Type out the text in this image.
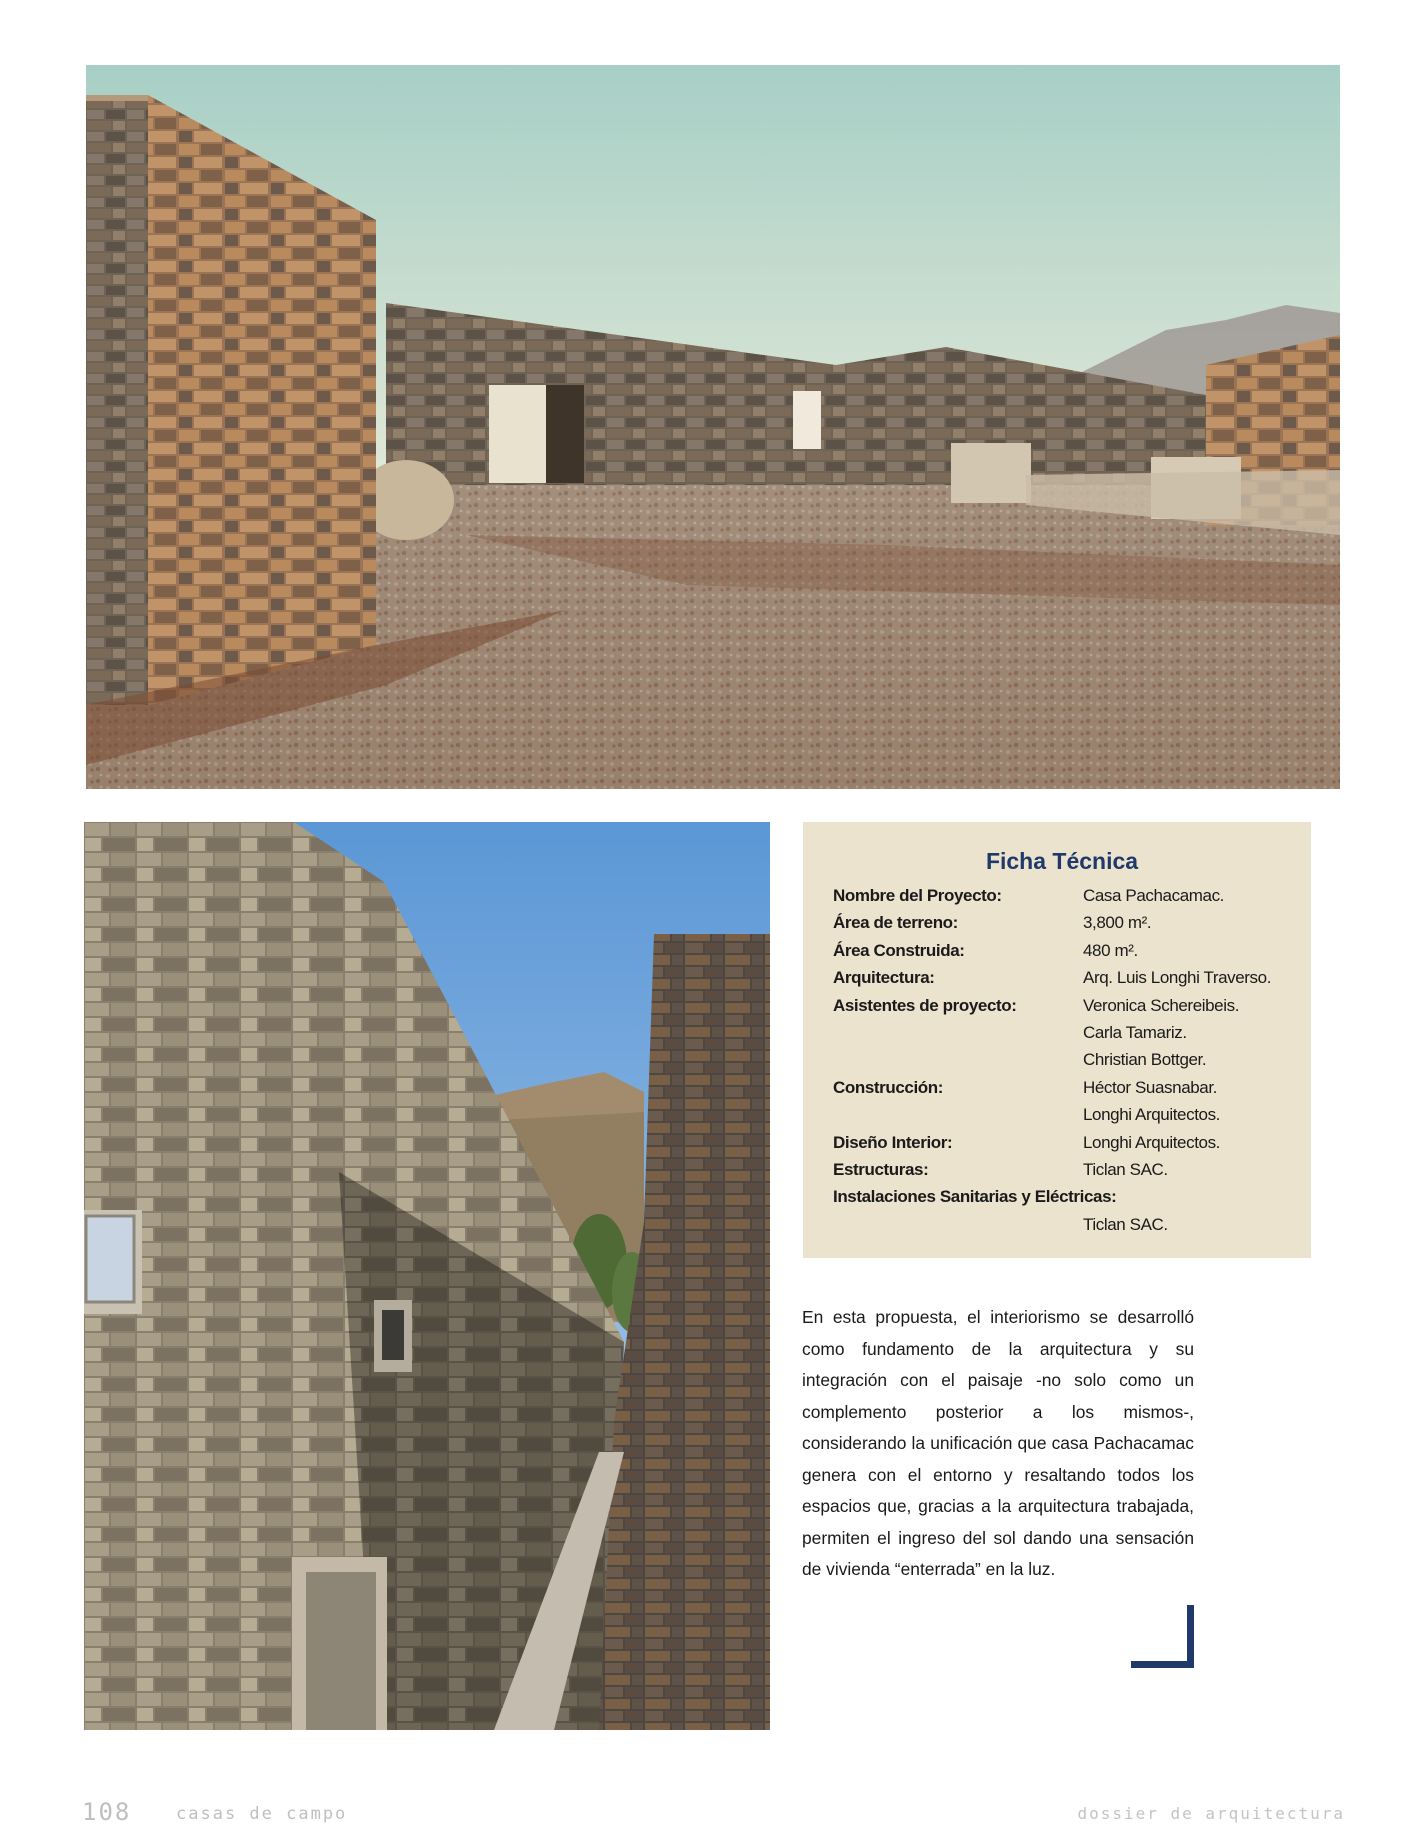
Ficha Técnica
Nombre del Proyecto:	Casa Pachacamac.
Área de terreno:	3,800 m².
Área Construida:	480 m².
Arquitectura:	Arq. Luis Longhi Traverso.
Asistentes de proyecto:	Veronica Schereibeis.
Carla Tamariz.
Christian Bottger.
Construcción:	Héctor Suasnabar.
Longhi Arquitectos.
Diseño Interior:	Longhi Arquitectos.
Estructuras:	Ticlan SAC.
Instalaciones Sanitarias y Eléctricas:
Ticlan SAC.

En esta propuesta, el interiorismo se desarrolló como fundamento de la arquitectura y su integración con el paisaje -no solo como un complemento posterior a los mismos-, considerando la unificación que casa Pachacamac genera con el entorno y resaltando todos los espacios que, gracias a la arquitectura trabajada, permiten el ingreso del sol dando una sensación de vivienda “enterrada” en la luz.

108	casas de campo	dossier de arquitectura
